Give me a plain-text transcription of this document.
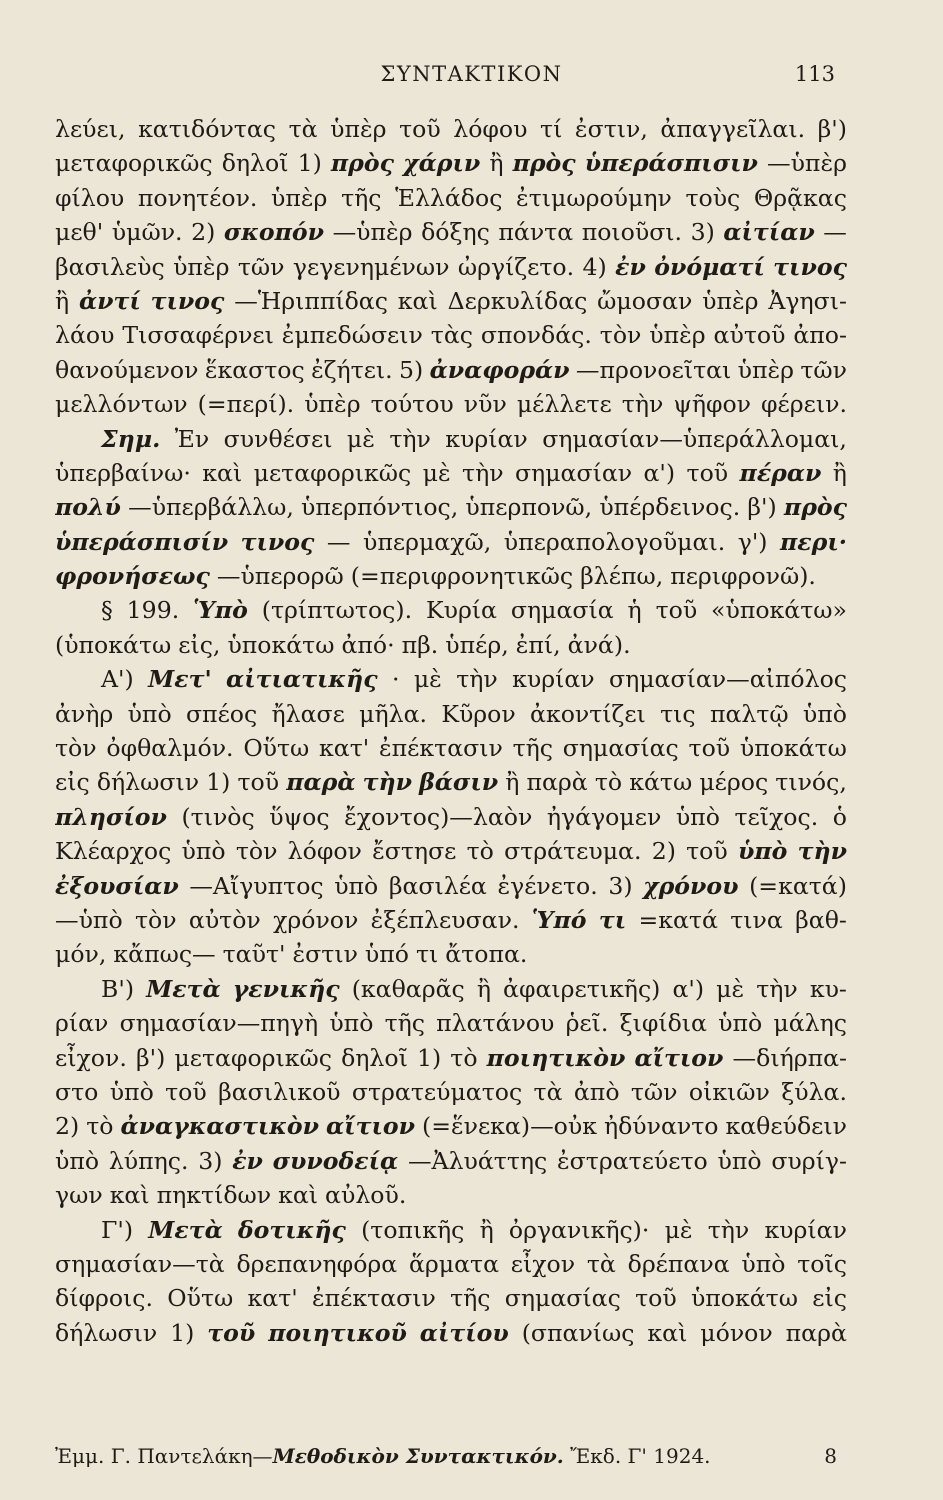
ΣΥΝΤΑΚΤΙΚΟΝ	113
λεύει, κατιδόντας τὰ ὑπὲρ τοῦ λόφου τί ἐστιν, ἀπαγγεῖλαι. β')
μεταφορικῶς δηλοῖ 1) πρὸς χάριν ἢ πρὸς ὑπεράσπισιν —ὑπὲρ
φίλου πονητέον. ὑπὲρ τῆς Ἑλλάδος ἐτιμωρούμην τοὺς Θρᾷκας
μεθ' ὑμῶν. 2) σκοπόν —ὑπὲρ δόξης πάντα ποιοῦσι. 3) αἰτίαν —
βασιλεὺς ὑπὲρ τῶν γεγενημένων ὠργίζετο. 4) ἐν ὀνόματί τινος
ἢ ἀντί τινος —Ἡριππίδας καὶ Δερκυλίδας ὤμοσαν ὑπὲρ Ἀγησι-
λάου Τισσαφέρνει ἐμπεδώσειν τὰς σπονδάς. τὸν ὑπὲρ αὐτοῦ ἀπο-
θανούμενον ἕκαστος ἐζήτει. 5) ἀναφοράν —προνοεῖται ὑπὲρ τῶν
μελλόντων (=περί). ὑπὲρ τούτου νῦν μέλλετε τὴν ψῆφον φέρειν.
Σημ. Ἐν συνθέσει μὲ τὴν κυρίαν σημασίαν—ὑπεράλλομαι,
ὑπερβαίνω· καὶ μεταφορικῶς μὲ τὴν σημασίαν α') τοῦ πέραν ἢ
πολύ —ὑπερβάλλω, ὑπερπόντιος, ὑπερπονῶ, ὑπέρδεινος. β') πρὸς
ὑπεράσπισίν τινος — ὑπερμαχῶ, ὑπεραπολογοῦμαι. γ') περι·
φρονήσεως —ὑπερορῶ (=περιφρονητικῶς βλέπω, περιφρονῶ).
§ 199. Ὑπὸ (τρίπτωτος). Κυρία σημασία ἡ τοῦ «ὑποκάτω»
(ὑποκάτω εἰς, ὑποκάτω ἀπό· πβ. ὑπέρ, ἐπί, ἀνά).
Α') Μετ' αἰτιατικῆς · μὲ τὴν κυρίαν σημασίαν—αἰπόλος
ἀνὴρ ὑπὸ σπέος ἤλασε μῆλα. Κῦρον ἀκοντίζει τις παλτῷ ὑπὸ
τὸν ὀφθαλμόν. Οὕτω κατ' ἐπέκτασιν τῆς σημασίας τοῦ ὑποκάτω
εἰς δήλωσιν 1) τοῦ παρὰ τὴν βάσιν ἢ παρὰ τὸ κάτω μέρος τινός,
πλησίον (τινὸς ὕψος ἔχοντος)—λαὸν ἠγάγομεν ὑπὸ τεῖχος. ὁ
Κλέαρχος ὑπὸ τὸν λόφον ἔστησε τὸ στράτευμα. 2) τοῦ ὑπὸ τὴν
ἐξουσίαν —Αἴγυπτος ὑπὸ βασιλέα ἐγένετο. 3) χρόνου (=κατά)
—ὑπὸ τὸν αὐτὸν χρόνον ἐξέπλευσαν. Ὑπό τι =κατά τινα βαθ-
μόν, κἄπως— ταῦτ' ἐστιν ὑπό τι ἄτοπα.
Β') Μετὰ γενικῆς (καθαρᾶς ἢ ἀφαιρετικῆς) α') μὲ τὴν κυ-
ρίαν σημασίαν—πηγὴ ὑπὸ τῆς πλατάνου ῥεῖ. ξιφίδια ὑπὸ μάλης
εἶχον. β') μεταφορικῶς δηλοῖ 1) τὸ ποιητικὸν αἴτιον —διήρπα-
στο ὑπὸ τοῦ βασιλικοῦ στρατεύματος τὰ ἀπὸ τῶν οἰκιῶν ξύλα.
2) τὸ ἀναγκαστικὸν αἴτιον (=ἕνεκα)—οὐκ ἠδύναντο καθεύδειν
ὑπὸ λύπης. 3) ἐν συνοδείᾳ —Ἀλυάττης ἐστρατεύετο ὑπὸ συρίγ-
γων καὶ πηκτίδων καὶ αὐλοῦ.
Γ') Μετὰ δοτικῆς (τοπικῆς ἢ ὀργανικῆς)· μὲ τὴν κυρίαν
σημασίαν—τὰ δρεπανηφόρα ἅρματα εἶχον τὰ δρέπανα ὑπὸ τοῖς
δίφροις. Οὕτω κατ' ἐπέκτασιν τῆς σημασίας τοῦ ὑποκάτω εἰς
δήλωσιν 1) τοῦ ποιητικοῦ αἰτίου (σπανίως καὶ μόνον παρὰ
Ἐμμ. Γ. Παντελάκη—Μεθοδικὸν Συντακτικόν. Ἔκδ. Γ' 1924.	8
